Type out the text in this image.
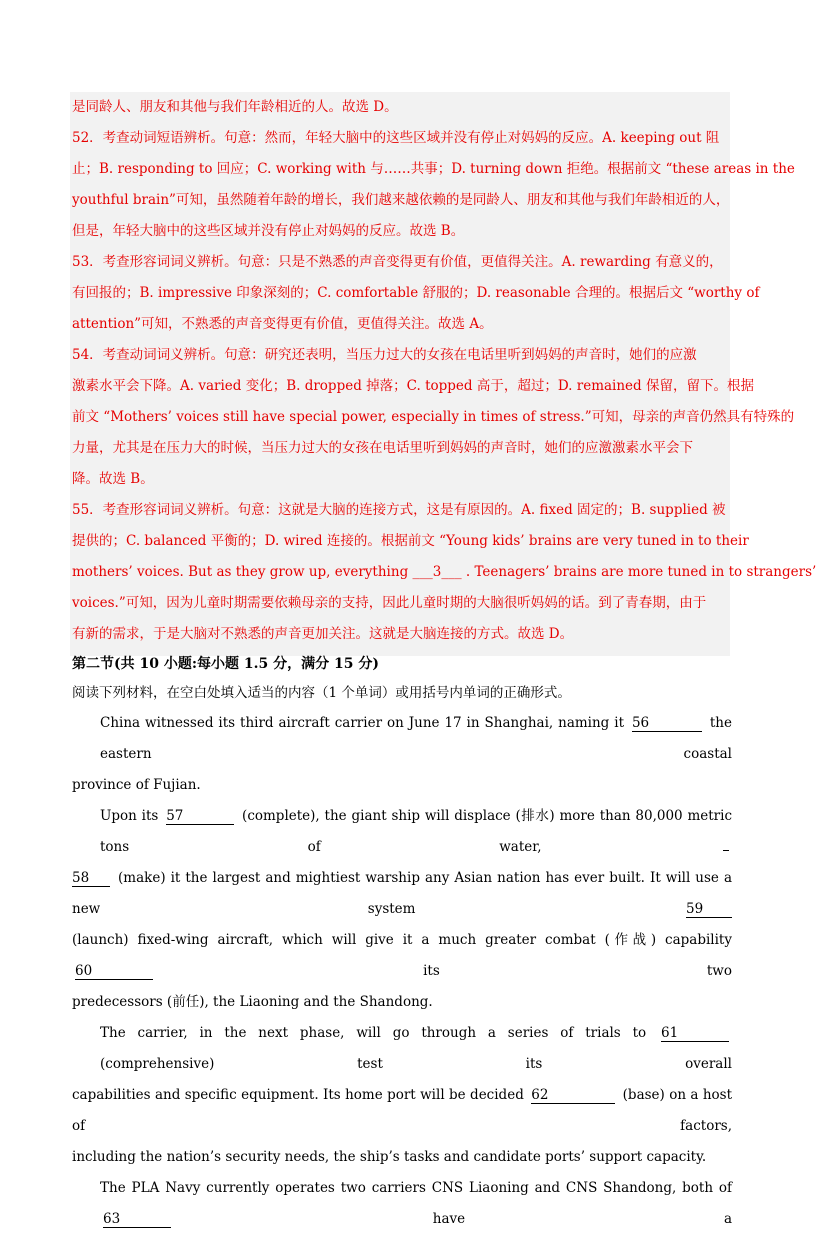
是同龄人、朋友和其他与我们年龄相近的人。故选 D。
52．考查动词短语辨析。句意：然而，年轻大脑中的这些区域并没有停止对妈妈的反应。A. keeping out 阻
止；B. responding to 回应；C. working with 与……共事；D. turning down 拒绝。根据前文 “these areas in the
youthful brain”可知，虽然随着年龄的增长，我们越来越依赖的是同龄人、朋友和其他与我们年龄相近的人，
但是，年轻大脑中的这些区域并没有停止对妈妈的反应。故选 B。
53．考查形容词词义辨析。句意：只是不熟悉的声音变得更有价值，更值得关注。A. rewarding 有意义的，
有回报的；B. impressive 印象深刻的；C. comfortable 舒服的；D. reasonable 合理的。根据后文 “worthy of
attention”可知，不熟悉的声音变得更有价值，更值得关注。故选 A。
54．考查动词词义辨析。句意：研究还表明，当压力过大的女孩在电话里听到妈妈的声音时，她们的应激
激素水平会下降。A. varied 变化；B. dropped 掉落；C. topped 高于，超过；D. remained 保留，留下。根据
前文 “Mothers’ voices still have special power, especially in times of stress.”可知，母亲的声音仍然具有特殊的
力量，尤其是在压力大的时候，当压力过大的女孩在电话里听到妈妈的声音时，她们的应激激素水平会下
降。故选 B。
55．考查形容词词义辨析。句意：这就是大脑的连接方式，这是有原因的。A. fixed 固定的；B. supplied 被
提供的；C. balanced 平衡的；D. wired 连接的。根据前文 “Young kids’ brains are very tuned in to their
mothers’ voices. But as they grow up, everything ___3___ . Teenagers’ brains are more tuned in to strangers’
voices.”可知，因为儿童时期需要依赖母亲的支持，因此儿童时期的大脑很听妈妈的话。到了青春期，由于
有新的需求，于是大脑对不熟悉的声音更加关注。这就是大脑连接的方式。故选 D。
第二节(共 10 小题:每小题 1.5 分，满分 15 分)
阅读下列材料，在空白处填入适当的内容（1 个单词）或用括号内单词的正确形式。
China witnessed its third aircraft carrier on June 17 in Shanghai, naming it 56	the eastern coastal
province of Fujian.
Upon its 57	(complete), the giant ship will displace (排水) more than 80,000 metric tons of water,
58 (make) it the largest and mightiest warship any Asian nation has ever built. It will use a new system	59
(launch) fixed-wing aircraft, which will give it a much greater combat (作战) capability 60	its two
predecessors (前任), the Liaoning and the Shandong.
The carrier, in the next phase, will go through a series of trials to 61 (comprehensive) test its overall
capabilities and specific equipment. Its home port will be decided 62	(base) on a host of factors,
including the nation’s security needs, the ship’s tasks and candidate ports’ support capacity.
The PLA Navy currently operates two carriers CNS Liaoning and CNS Shandong, both of 63	have a
